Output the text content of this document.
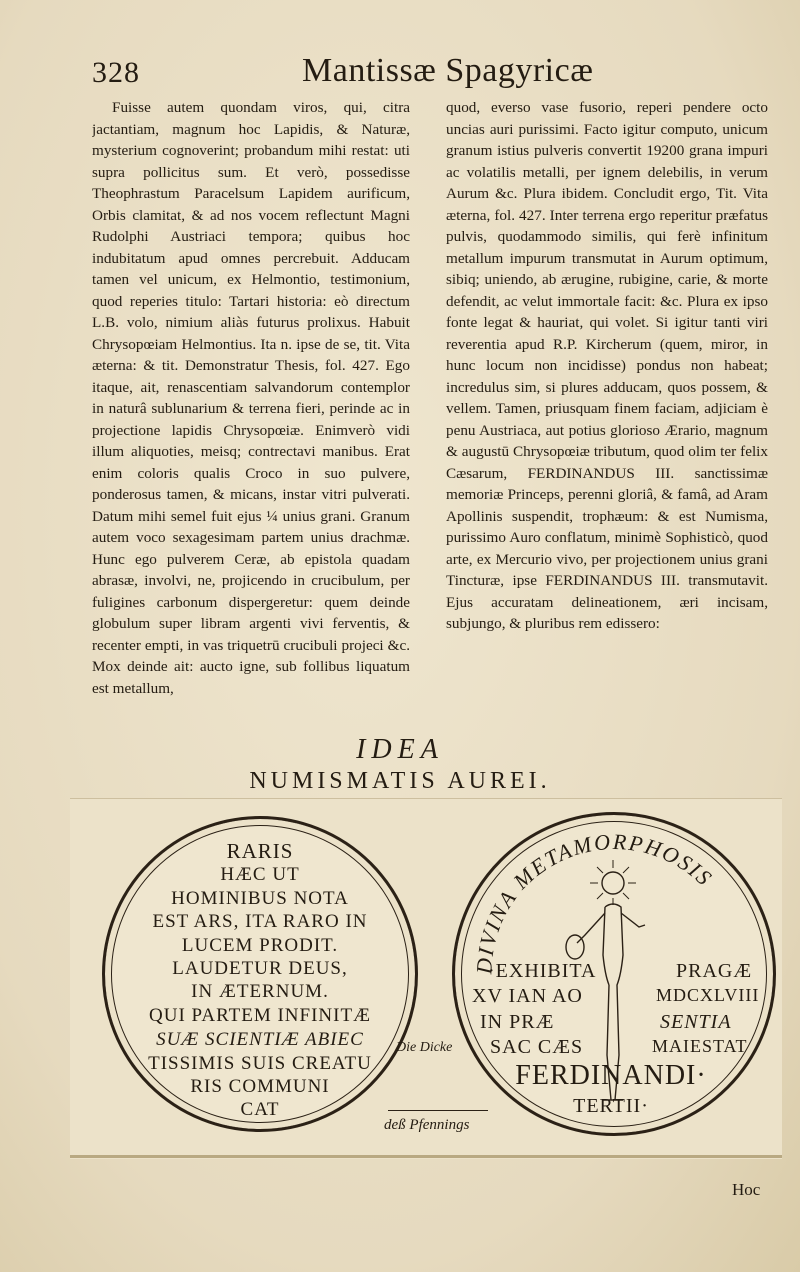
328	Mantissæ Spagyricæ

Fuisse autem quondam viros, qui, citra jactantiam, magnum hoc Lapidis, & Naturæ, mysterium cognoverint; probandum mihi restat: uti supra pollicitus sum. Et verò, possedisse Theophrastum Paracelsum Lapidem aurificum, Orbis clamitat, & ad nos vocem reflectunt Magni Rudolphi Austriaci tempora; quibus hoc indubitatum apud omnes percrebuit. Adducam tamen vel unicum, ex Helmontio, testimonium, quod reperies titulo: Tartari historia: eò directum L.B. volo, nimium aliàs futurus prolixus. Habuit Chrysopœiam Helmontius. Ita n. ipse de se, tit. Vita æterna: & tit. Demonstratur Thesis, fol. 427. Ego itaque, ait, renascentiam salvandorum contemplor in naturâ sublunarium & terrena fieri, perinde ac in projectione lapidis Chrysopœiæ. Enimverò vidi illum aliquoties, meisq; contrectavi manibus. Erat enim coloris qualis Croco in suo pulvere, ponderosus tamen, & micans, instar vitri pulverati. Datum mihi semel fuit ejus ¼ unius grani. Granum autem voco sexagesimam partem unius drachmæ. Hunc ego pulverem Ceræ, ab epistola quadam abrasæ, involvi, ne, projicendo in crucibulum, per fuligines carbonum dispergeretur: quem deinde globulum super libram argenti vivi ferventis, & recenter empti, in vas triquetrū crucibuli projeci &c. Mox deinde ait: aucto igne, sub follibus liquatum est metallum,

quod, everso vase fusorio, reperi pendere octo uncias auri purissimi. Facto igitur computo, unicum granum istius pulveris convertit 19200 grana impuri ac volatilis metalli, per ignem delebilis, in verum Aurum &c. Plura ibidem. Concludit ergo, Tit. Vita æterna, fol. 427. Inter terrena ergo reperitur præfatus pulvis, quodammodo similis, qui ferè infinitum metallum impurum transmutat in Aurum optimum, sibiq; uniendo, ab ærugine, rubigine, carie, & morte defendit, ac velut immortale facit: &c. Plura ex ipso fonte legat & hauriat, qui volet. Si igitur tanti viri reverentia apud R.P. Kircherum (quem, miror, in hunc locum non incidisse) pondus non habeat; incredulus sim, si plures adducam, quos possem, & vellem. Tamen, priusquam finem faciam, adjiciam è penu Austriaca, aut potius glorioso Ærario, magnum & augustū Chrysopœiæ tributum, quod olim ter felix Cæsarum, FERDINANDUS III. sanctissimæ memoriæ Princeps, perenni gloriâ, & famâ, ad Aram Apollinis suspendit, trophæum: & est Numisma, purissimo Auro conflatum, minimè Sophisticò, quod arte, ex Mercurio vivo, per projectionem unius grani Tincturæ, ipse FERDINANDUS III. transmutavit. Ejus accuratam delineationem, æri incisam, subjungo, & pluribus rem edissero:

IDEA
NUMISMATIS AUREI.
RARIS
HÆC UT
HOMINIBUS NOTA
EST ARS, ITA RARO IN
LUCEM PRODIT.
LAUDETUR DEUS,
IN ÆTERNUM.
QUI PARTEM INFINITÆ
SUÆ SCIENTIÆ ABIEC
TISSIMIS SUIS CREATU
RIS COMMUNI
CAT
DIVINA METAMORPHOSIS
·EXHIBITA
XV IAN AO
IN PRÆ
SAC CÆS
PRAGÆ
MDCXLVIII
SENTIA
MAIESTAT
FERDINANDI·
TERTII·
Die Dicke
deß Pfennings
Hoc
